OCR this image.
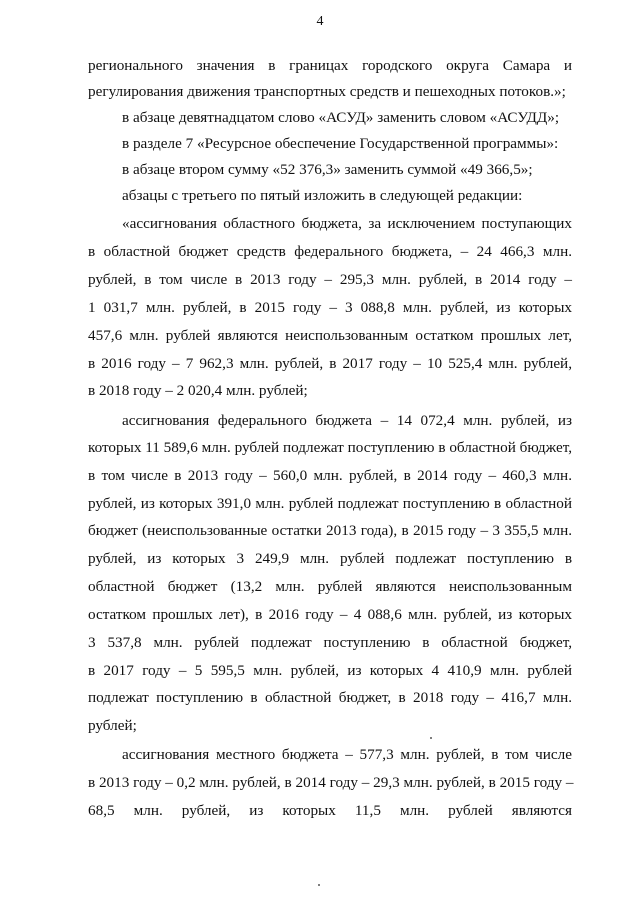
4
регионального значения в границах городского округа Самара и
регулирования движения транспортных средств и пешеходных потоков.»;
в абзаце девятнадцатом слово «АСУД» заменить словом «АСУДД»;
в разделе 7 «Ресурсное обеспечение Государственной программы»:
в абзаце втором сумму «52 376,3» заменить суммой «49 366,5»;
абзацы с третьего по пятый изложить в следующей редакции:
«ассигнования областного бюджета, за исключением поступающих
в областной бюджет средств федерального бюджета, – 24 466,3 млн.
рублей, в том числе в 2013 году – 295,3 млн. рублей, в 2014 году –
1 031,7 млн. рублей, в 2015 году – 3 088,8 млн. рублей, из которых
457,6 млн. рублей являются неиспользованным остатком прошлых лет,
в 2016 году – 7 962,3 млн. рублей, в 2017 году – 10 525,4 млн. рублей,
в 2018 году – 2 020,4 млн. рублей;
ассигнования федерального бюджета – 14 072,4 млн. рублей, из
которых 11 589,6 млн. рублей подлежат поступлению в областной бюджет,
в том числе в 2013 году – 560,0 млн. рублей, в 2014 году – 460,3 млн.
рублей, из которых 391,0 млн. рублей подлежат поступлению в областной
бюджет (неиспользованные остатки 2013 года), в 2015 году – 3 355,5 млн.
рублей, из которых 3 249,9 млн. рублей подлежат поступлению в
областной бюджет (13,2 млн. рублей являются неиспользованным
остатком прошлых лет), в 2016 году – 4 088,6 млн. рублей, из которых
3 537,8 млн. рублей подлежат поступлению в областной бюджет,
в 2017 году – 5 595,5 млн. рублей, из которых 4 410,9 млн. рублей
подлежат поступлению в областной бюджет, в 2018 году – 416,7 млн.
рублей;
ассигнования местного бюджета – 577,3 млн. рублей, в том числе
в 2013 году – 0,2 млн. рублей, в 2014 году – 29,3 млн. рублей, в 2015 году –
68,5 млн. рублей, из которых 11,5 млн. рублей являются
